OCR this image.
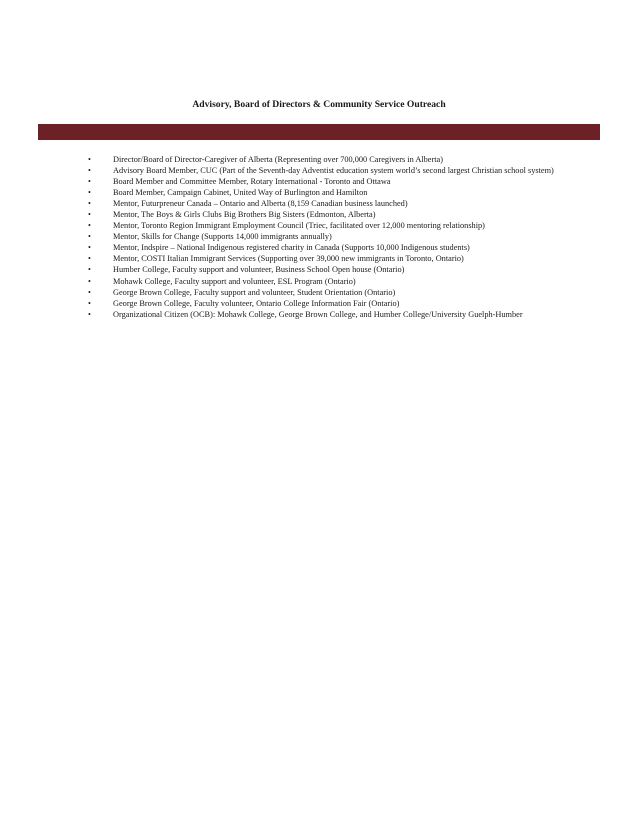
Advisory, Board of Directors & Community Service Outreach
•	Director/Board of Director-Caregiver of Alberta (Representing over 700,000 Caregivers in Alberta)
•	Advisory Board Member, CUC (Part of the Seventh-day Adventist education system world’s second largest Christian school system)
•	Board Member and Committee Member, Rotary International - Toronto and Ottawa
•	Board Member, Campaign Cabinet, United Way of Burlington and Hamilton
•	Mentor, Futurpreneur Canada – Ontario and Alberta (8,159 Canadian business launched)
•	Mentor, The Boys & Girls Clubs Big Brothers Big Sisters (Edmonton, Alberta)
•	Mentor, Toronto Region Immigrant Employment Council (Triec, facilitated over 12,000 mentoring relationship)
•	Mentor, Skills for Change (Supports 14,000 immigrants annually)
•	Mentor, Indspire – National Indigenous registered charity in Canada (Supports 10,000 Indigenous students)
•	Mentor, COSTI Italian Immigrant Services (Supporting over 39,000 new immigrants in Toronto, Ontario)
•	Humber College, Faculty support and volunteer, Business School Open house (Ontario)
•	Mohawk College, Faculty support and volunteer, ESL Program (Ontario)
•	George Brown College, Faculty support and volunteer, Student Orientation (Ontario)
•	George Brown College, Faculty volunteer, Ontario College Information Fair (Ontario)
•	Organizational Citizen (OCB): Mohawk College, George Brown College, and Humber College/University Guelph-Humber
